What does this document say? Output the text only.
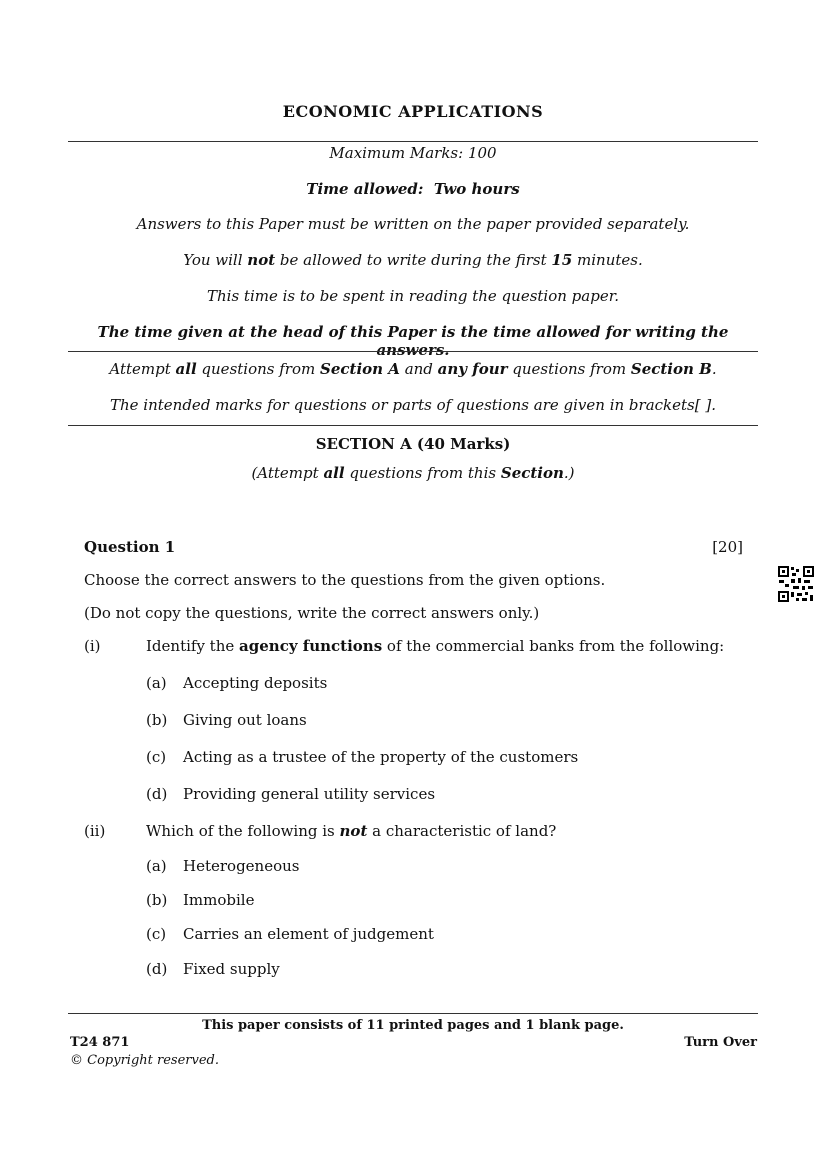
ECONOMIC APPLICATIONS
Maximum Marks: 100
Time allowed: Two hours
Answers to this Paper must be written on the paper provided separately.
You will not be allowed to write during the first 15 minutes.
This time is to be spent in reading the question paper.
The time given at the head of this Paper is the time allowed for writing the answers.
Attempt all questions from Section A and any four questions from Section B.
The intended marks for questions or parts of questions are given in brackets[ ].
SECTION A (40 Marks)
(Attempt all questions from this Section.)
Question 1	[20]
Choose the correct answers to the questions from the given options.
(Do not copy the questions, write the correct answers only.)
(i)	Identify the agency functions of the commercial banks from the following:
(a)	Accepting deposits
(b)	Giving out loans
(c)	Acting as a trustee of the property of the customers
(d)	Providing general utility services
(ii)	Which of the following is not a characteristic of land?
(a)	Heterogeneous
(b)	Immobile
(c)	Carries an element of judgement
(d)	Fixed supply
This paper consists of 11 printed pages and 1 blank page.
T24 871	Turn Over
© Copyright reserved.
